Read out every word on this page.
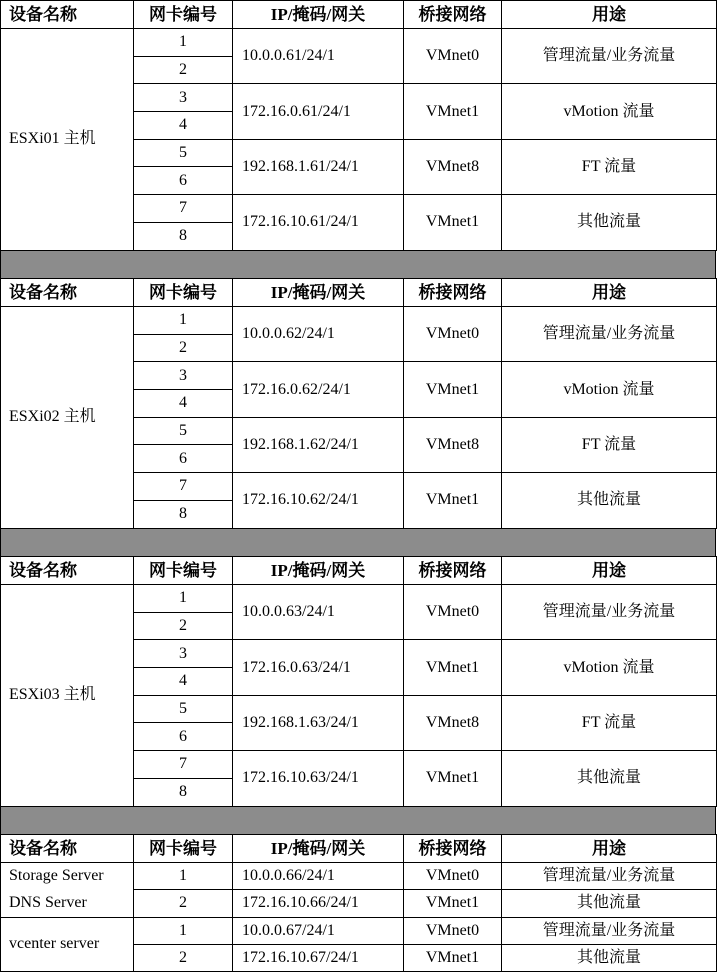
设备名称	网卡编号	IP/掩码/网关	桥接网络	用途
ESXi01 主机	1	10.0.0.61/24/1	VMnet0	管理流量/业务流量
	2			
	3	172.16.0.61/24/1	VMnet1	vMotion 流量
	4			
	5	192.168.1.61/24/1	VMnet8	FT 流量
	6			
	7	172.16.10.61/24/1	VMnet1	其他流量
	8			
设备名称	网卡编号	IP/掩码/网关	桥接网络	用途
ESXi02 主机	1	10.0.0.62/24/1	VMnet0	管理流量/业务流量
	2			
	3	172.16.0.62/24/1	VMnet1	vMotion 流量
	4			
	5	192.168.1.62/24/1	VMnet8	FT 流量
	6			
	7	172.16.10.62/24/1	VMnet1	其他流量
	8			
设备名称	网卡编号	IP/掩码/网关	桥接网络	用途
ESXi03 主机	1	10.0.0.63/24/1	VMnet0	管理流量/业务流量
	2			
	3	172.16.0.63/24/1	VMnet1	vMotion 流量
	4			
	5	192.168.1.63/24/1	VMnet8	FT 流量
	6			
	7	172.16.10.63/24/1	VMnet1	其他流量
	8			
设备名称	网卡编号	IP/掩码/网关	桥接网络	用途
Storage Server	1	10.0.0.66/24/1	VMnet0	管理流量/业务流量
DNS Server	2	172.16.10.66/24/1	VMnet1	其他流量
vcenter server	1	10.0.0.67/24/1	VMnet0	管理流量/业务流量
	2	172.16.10.67/24/1	VMnet1	其他流量
